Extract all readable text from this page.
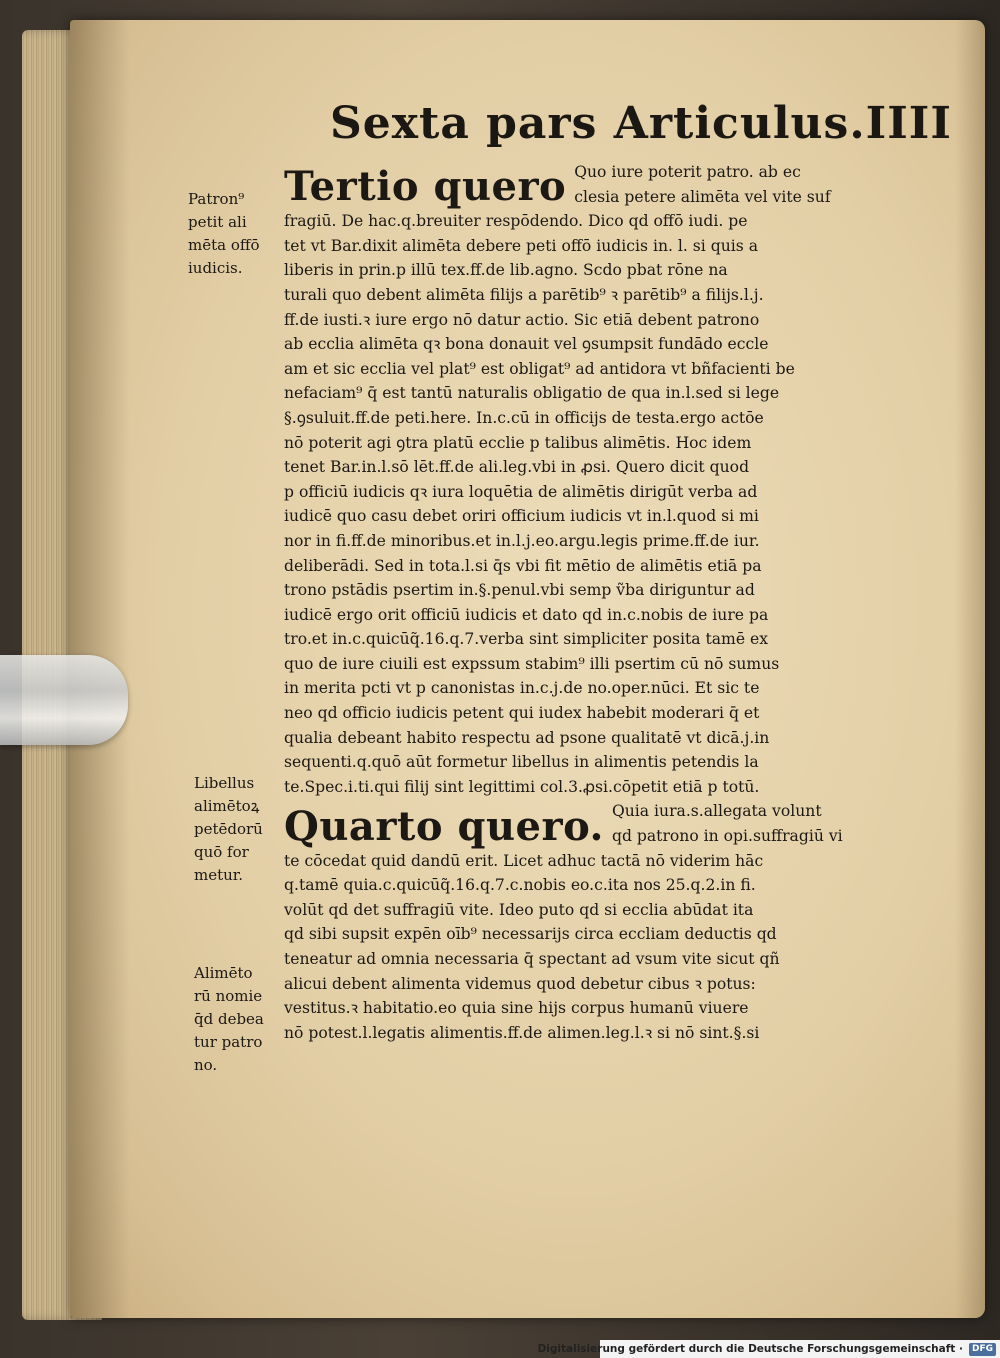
Sexta pars Articulus.IIII
Patron⁹
petit ali
mēta offō
iudicis.
Libellus
alimētoꝝ
petēdorū
quō for
metur.
Alimēto
rū nomie
q̄d debea
tur patro
no.
Tertio quero Quo iure poterit patro. ab ec
clesia petere alimēta vel vite suf
fragiū. De hac.q.breuiter respōdendo. Dico qd offō iudi. pe
tet vt Bar.dixit alimēta debere peti offō iudicis in. l. si quis a
liberis in prin.p illū tex.ff.de lib.agno. Scdo pbat rōne na
turali quo debent alimēta filijs a parētib⁹ ꝛ parētib⁹ a filijs.l.j.
ff.de iusti.ꝛ iure ergo nō datur actio. Sic etiā debent patrono
ab ecclia alimēta qꝛ bona donauit vel ꝯsumpsit fundādo eccle
am et sic ecclia vel plat⁹ est obligat⁹ ad antidora vt bñfacienti be
nefaciam⁹ q̄ est tantū naturalis obligatio de qua in.l.sed si lege
§.ꝯsuluit.ff.de peti.here. In.c.cū in officijs de testa.ergo actōe
nō poterit agi ꝯtra platū ecclie p talibus alimētis. Hoc idem
tenet Bar.in.l.sō lēt.ff.de ali.leg.vbi in ꝓsi. Quero dicit quod
p officiū iudicis qꝛ iura loquētia de alimētis dirigūt verba ad
iudicē quo casu debet oriri officium iudicis vt in.l.quod si mi
nor in fi.ff.de minoribus.et in.l.j.eo.argu.legis prime.ff.de iur.
deliberādi. Sed in tota.l.si q̄s vbi fit mētio de alimētis etiā pa
trono pstādis psertim in.§.penul.vbi semp ṽba diriguntur ad
iudicē ergo orit officiū iudicis et dato qd in.c.nobis de iure pa
tro.et in.c.quicūq̃.16.q.7.verba sint simpliciter posita tamē ex
quo de iure ciuili est expssum stabim⁹ illi psertim cū nō sumus
in merita pcti vt p canonistas in.c.j.de no.oper.nūci. Et sic te
neo qd officio iudicis petent qui iudex habebit moderari q̄ et
qualia debeant habito respectu ad psone qualitatē vt dicā.j.in
sequenti.q.quō aūt formetur libellus in alimentis petendis la
te.Spec.i.ti.qui filij sint legittimi col.3.ꝓsi.cōpetit etiā p totū.
Quarto quero. Quia iura.s.allegata volunt
qd patrono in opi.suffragiū vi
te cōcedat quid dandū erit. Licet adhuc tactā nō viderim hāc
q.tamē quia.c.quicūq̃.16.q.7.c.nobis eo.c.ita nos 25.q.2.in fi.
volūt qd det suffragiū vite. Ideo puto qd si ecclia abūdat ita
qd sibi supsit expēn oīb⁹ necessarijs circa eccliam deductis qd
teneatur ad omnia necessaria q̄ spectant ad vsum vite sicut qñ
alicui debent alimenta videmus quod debetur cibus ꝛ potus:
vestitus.ꝛ habitatio.eo quia sine hijs corpus humanū viuere
nō potest.l.legatis alimentis.ff.de alimen.leg.l.ꝛ si nō sint.§.si
Digitalisierung gefördert durch die Deutsche Forschungsgemeinschaft ·	DFG
